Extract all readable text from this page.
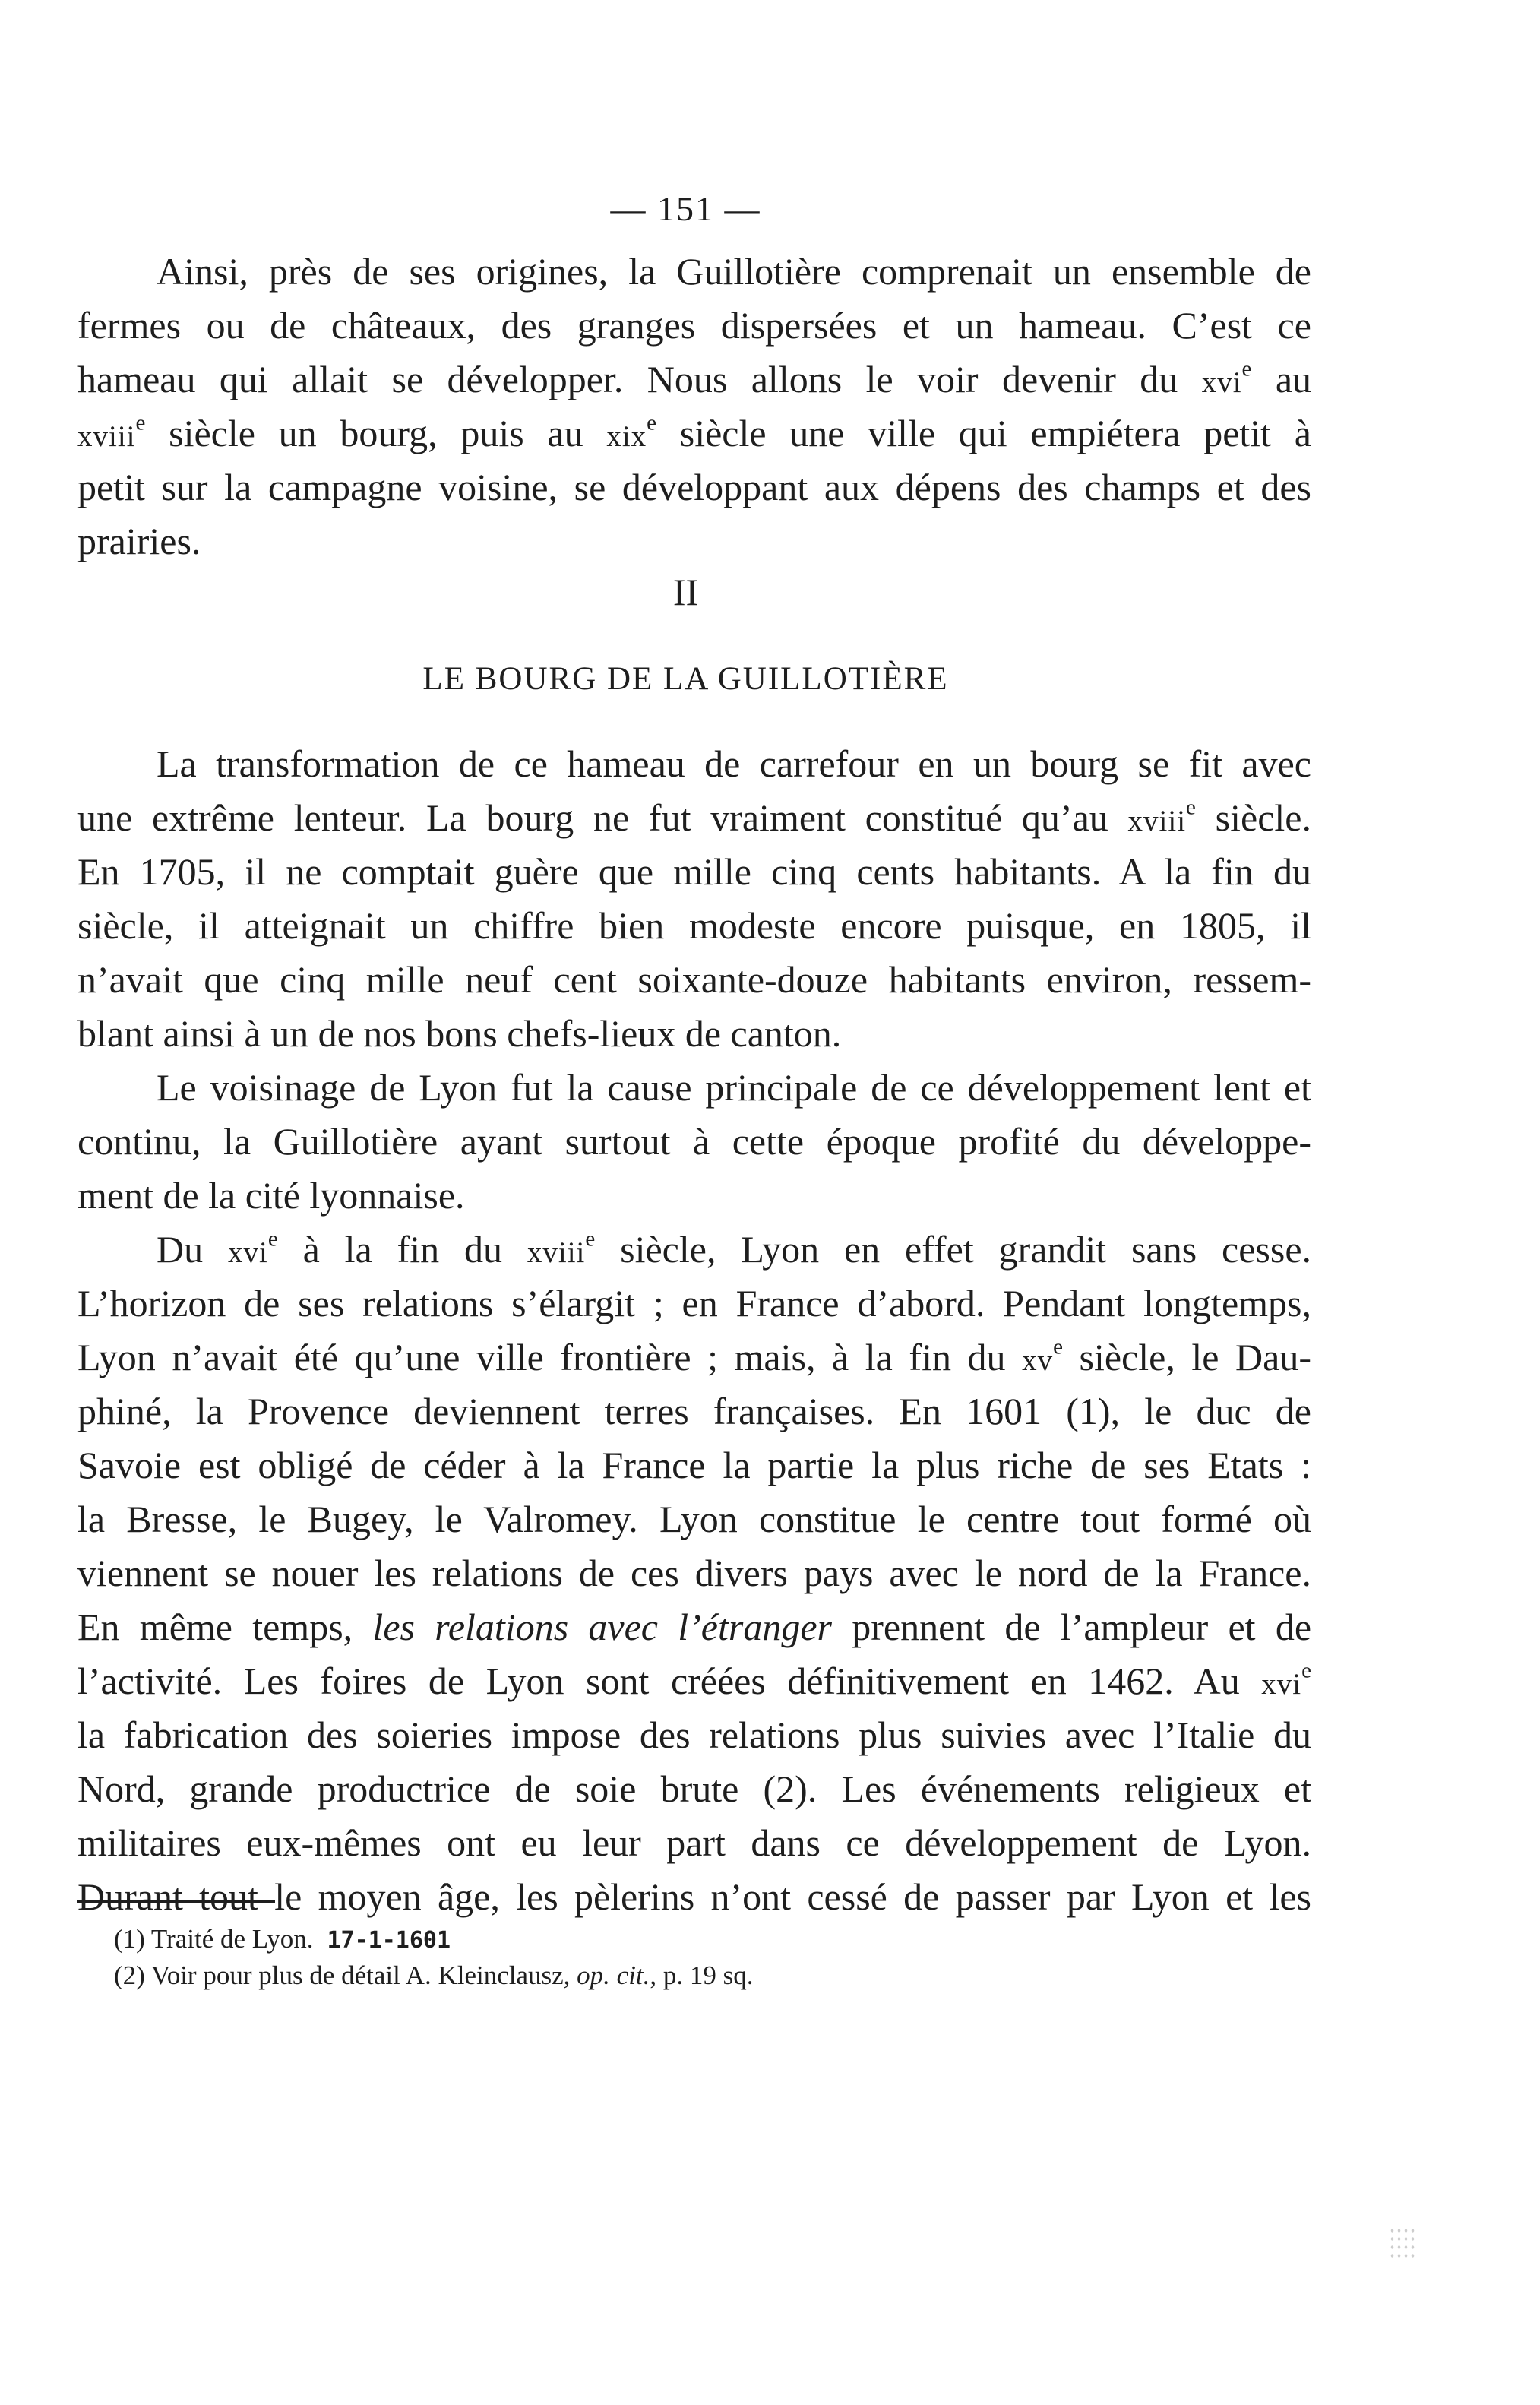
— 151 —
Ainsi, près de ses origines, la Guillotière comprenait un ensemble de
fermes ou de châteaux, des granges dispersées et un hameau. C’est ce
hameau qui allait se développer. Nous allons le voir devenir du xvi$^e$ au
xviii$^e$ siècle un bourg, puis au xix$^e$ siècle une ville qui empiétera petit à
petit sur la campagne voisine, se développant aux dépens des champs et des
prairies.
II
LE BOURG DE LA GUILLOTIÈRE
La transformation de ce hameau de carrefour en un bourg se fit avec
une extrême lenteur. La bourg ne fut vraiment constitué qu’au xviii$^e$ siècle.
En 1705, il ne comptait guère que mille cinq cents habitants. A la fin du
siècle, il atteignait un chiffre bien modeste encore puisque, en 1805, il
n’avait que cinq mille neuf cent soixante-douze habitants environ, ressem-
blant ainsi à un de nos bons chefs-lieux de canton.
Le voisinage de Lyon fut la cause principale de ce développement lent et
continu, la Guillotière ayant surtout à cette époque profité du développe-
ment de la cité lyonnaise.
Du xvi$^e$ à la fin du xviii$^e$ siècle, Lyon en effet grandit sans cesse.
L’horizon de ses relations s’élargit ; en France d’abord. Pendant longtemps,
Lyon n’avait été qu’une ville frontière ; mais, à la fin du $xv^e$ siècle, le Dau-
phiné, la Provence deviennent terres françaises. En 1601 (1), le duc de
Savoie est obligé de céder à la France la partie la plus riche de ses Etats :
la Bresse, le Bugey, le Valromey. Lyon constitue le centre tout formé où
viennent se nouer les relations de ces divers pays avec le nord de la France.
En même temps, les relations avec l’étranger prennent de l’ampleur et de
l’activité. Les foires de Lyon sont créées définitivement en 1462. Au xvi$^e$
la fabrication des soieries impose des relations plus suivies avec l’Italie du
Nord, grande productrice de soie brute (2). Les événements religieux et
militaires eux-mêmes ont eu leur part dans ce développement de Lyon.
Durant tout le moyen âge, les pèlerins n’ont cessé de passer par Lyon et les
(1) Traité de Lyon. 17-1-1601
(2) Voir pour plus de détail A. Kleinclausz, op. cit., p. 19 sq.
